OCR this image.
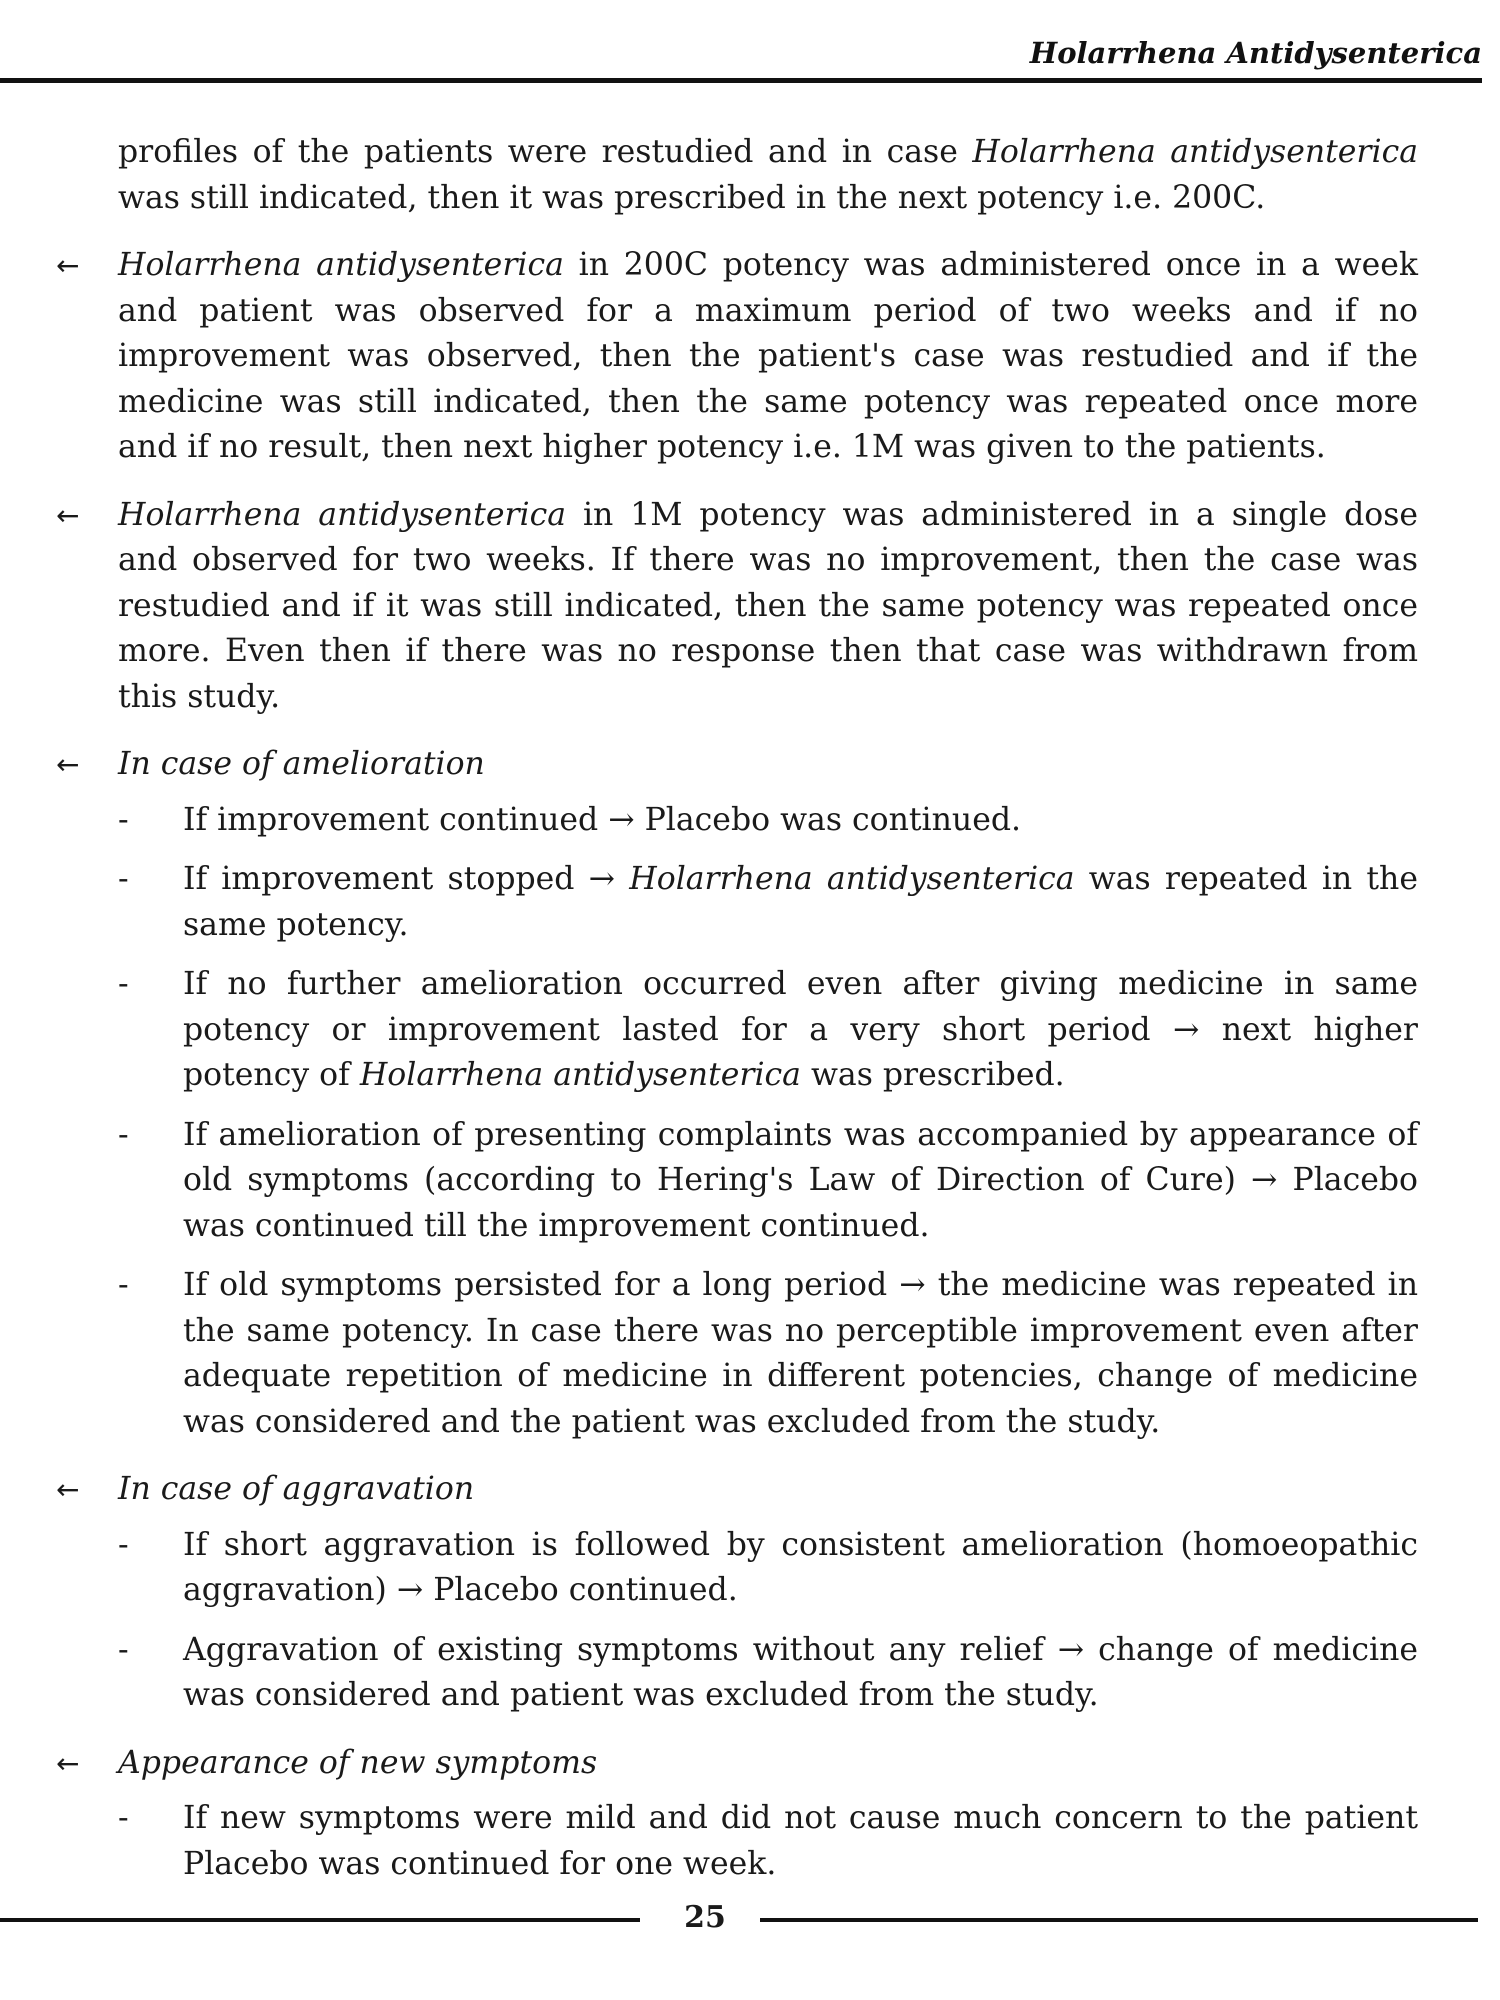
Holarrhena Antidysenterica
profiles of the patients were restudied and in case Holarrhena antidysenterica was still indicated, then it was prescribed in the next potency i.e. 200C.
←	Holarrhena antidysenterica in 200C potency was administered once in a week and patient was observed for a maximum period of two weeks and if no improvement was observed, then the patient's case was restudied and if the medicine was still indicated, then the same potency was repeated once more and if no result, then next higher potency i.e. 1M was given to the patients.
←	Holarrhena antidysenterica in 1M potency was administered in a single dose and observed for two weeks. If there was no improvement, then the case was restudied and if it was still indicated, then the same potency was repeated once more. Even then if there was no response then that case was withdrawn from this study.
←	In case of amelioration
- If improvement continued → Placebo was continued.
- If improvement stopped → Holarrhena antidysenterica was repeated in the same potency.
- If no further amelioration occurred even after giving medicine in same potency or improvement lasted for a very short period → next higher potency of Holarrhena antidysenterica was prescribed.
- If amelioration of presenting complaints was accompanied by appearance of old symptoms (according to Hering's Law of Direction of Cure) → Placebo was continued till the improvement continued.
- If old symptoms persisted for a long period → the medicine was repeated in the same potency. In case there was no perceptible improvement even after adequate repetition of medicine in different potencies, change of medicine was considered and the patient was excluded from the study.
←	In case of aggravation
- If short aggravation is followed by consistent amelioration (homoeopathic aggravation) → Placebo continued.
- Aggravation of existing symptoms without any relief → change of medicine was considered and patient was excluded from the study.
←	Appearance of new symptoms
- If new symptoms were mild and did not cause much concern to the patient Placebo was continued for one week.
25
